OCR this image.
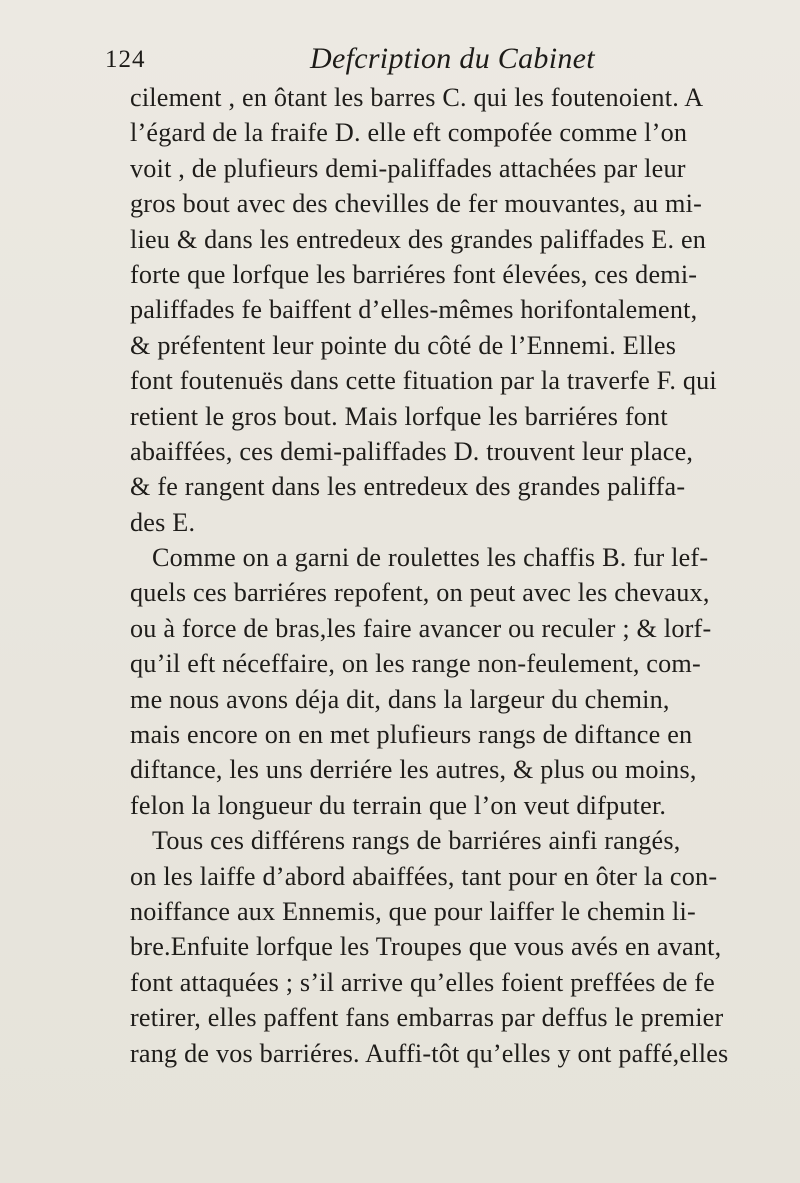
124	Defcription du Cabinet
cilement , en ôtant les barres C. qui les foutenoient. A
l’égard de la fraife D. elle eft compofée comme l’on
voit , de plufieurs demi-paliffades attachées par leur
gros bout avec des chevilles de fer mouvantes, au mi-
lieu & dans les entredeux des grandes paliffades E. en
forte que lorfque les barriéres font élevées, ces demi-
paliffades fe baiffent d’elles-mêmes horifontalement,
& préfentent leur pointe du côté de l’Ennemi. Elles
font foutenuës dans cette fituation par la traverfe F. qui
retient le gros bout. Mais lorfque les barriéres font
abaiffées, ces demi-paliffades D. trouvent leur place,
& fe rangent dans les entredeux des grandes paliffa-
des E.
Comme on a garni de roulettes les chaffis B. fur lef-
quels ces barriéres repofent, on peut avec les chevaux,
ou à force de bras,les faire avancer ou reculer ; & lorf-
qu’il eft néceffaire, on les range non-feulement, com-
me nous avons déja dit, dans la largeur du chemin,
mais encore on en met plufieurs rangs de diftance en
diftance, les uns derriére les autres, & plus ou moins,
felon la longueur du terrain que l’on veut difputer.
Tous ces différens rangs de barriéres ainfi rangés,
on les laiffe d’abord abaiffées, tant pour en ôter la con-
noiffance aux Ennemis, que pour laiffer le chemin li-
bre.Enfuite lorfque les Troupes que vous avés en avant,
font attaquées ; s’il arrive qu’elles foient preffées de fe
retirer, elles paffent fans embarras par deffus le premier
rang de vos barriéres. Auffi-tôt qu’elles y ont paffé,elles
